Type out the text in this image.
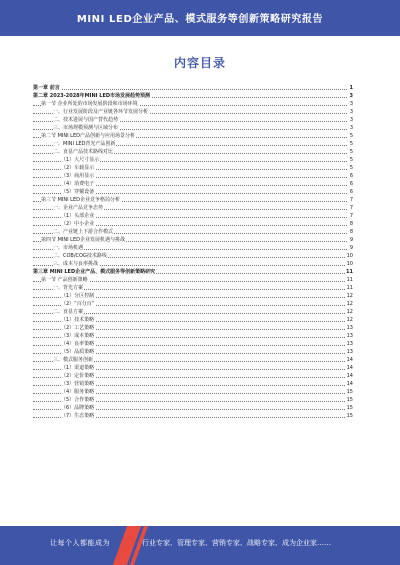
MINI LED企业产品、模式服务等创新策略研究报告
内容目录
第一章 前言	1
第二章 2023-2028年MINI LED市场发展趋势预测	3
第一节 企业所处的市场发展阶段和市场环境	3
一、行业发展阶段及产业链各环节发展分析	3
二、技术进展与国产替代趋势	3
三、市场规模预测与区域分布	3
第二节 MINI LED产品创新与应用场景分析	5
一、MINI LED背光产品创新	5
二、直显产品技术路线对比	5
（1）大尺寸显示	5
（2）车载显示	5
（3）商用显示	6
（4）消费电子	6
（5）穿戴设备	6
第三节 MINI LED企业竞争格局分析	7
一、企业产品竞争态势	7
（1）头部企业	7
（2）中小企业	8
二、产业链上下游合作模式	8
第四节 MINI LED企业发展机遇与挑战	9
一、市场机遇	9
二、COB/COG技术路线	10
三、成本与良率挑战	10
第三章 MINI LED企业产品、模式服务等创新策略研究	11
第一节 产品创新策略	11
一、背光方案	11
（1）分区控制	12
（2）“百分百”	12
二、直显方案	12
（1）技术策略	12
（2）工艺策略	13
（3）成本策略	13
（4）良率策略	13
（5）品质策略	13
三、模式服务创新	14
（1）渠道策略	14
（2）定价策略	14
（3）营销策略	14
（4）服务策略	15
（5）合作策略	15
（6）品牌策略	15
（7）生态策略	15
让每个人都能成为	行业专家、管理专家、营销专家、战略专家、成为企业家……
